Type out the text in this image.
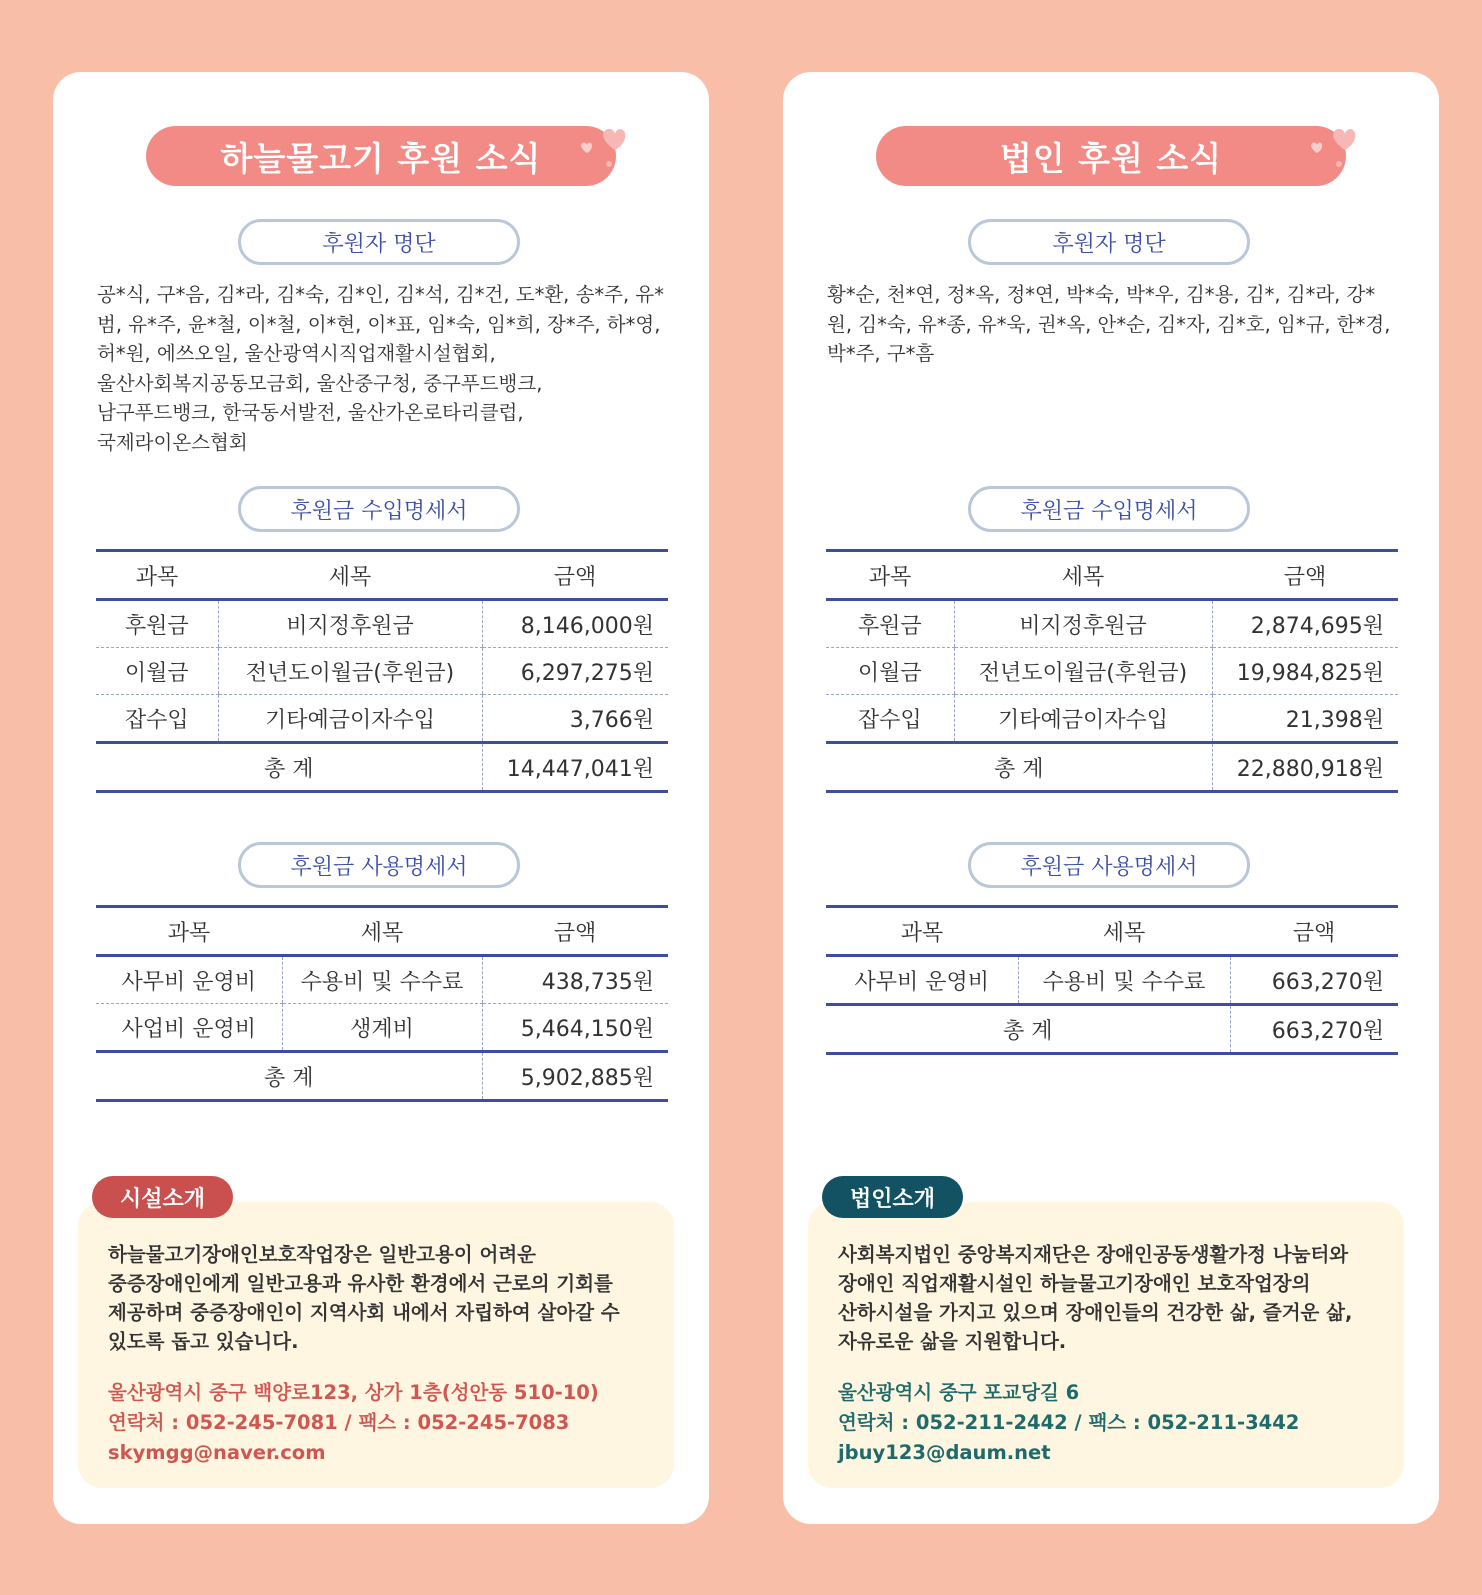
하늘물고기 후원 소식
후원자 명단
공*식, 구*음, 김*라, 김*숙, 김*인, 김*석, 김*건, 도*환, 송*주, 유*범, 유*주, 윤*철, 이*철, 이*현, 이*표, 임*숙, 임*희, 장*주, 하*영, 허*원, 에쓰오일, 울산광역시직업재활시설협회, 울산사회복지공동모금회, 울산중구청, 중구푸드뱅크, 남구푸드뱅크, 한국동서발전, 울산가온로타리클럽, 국제라이온스협회
후원금 수입명세서
과목	세목	금액
후원금	비지정후원금	8,146,000원
이월금	전년도이월금(후원금)	6,297,275원
잡수입	기타예금이자수입	3,766원
총 계		14,447,041원
후원금 사용명세서
과목	세목	금액
사무비 운영비	수용비 및 수수료	438,735원
사업비 운영비	생계비	5,464,150원
총 계		5,902,885원
시설소개
하늘물고기장애인보호작업장은 일반고용이 어려운 중증장애인에게 일반고용과 유사한 환경에서 근로의 기회를 제공하며 중증장애인이 지역사회 내에서 자립하여 살아갈 수 있도록 돕고 있습니다.
울산광역시 중구 백양로123, 상가 1층(성안동 510-10)
연락처 : 052-245-7081 / 팩스 : 052-245-7083
skymgg@naver.com
법인 후원 소식
후원자 명단
황*순, 천*연, 정*옥, 정*연, 박*숙, 박*우, 김*용, 김*, 김*라, 강*원, 김*숙, 유*종, 유*욱, 권*옥, 안*순, 김*자, 김*호, 임*규, 한*경, 박*주, 구*흠
후원금 수입명세서
과목	세목	금액
후원금	비지정후원금	2,874,695원
이월금	전년도이월금(후원금)	19,984,825원
잡수입	기타예금이자수입	21,398원
총 계		22,880,918원
후원금 사용명세서
과목	세목	금액
사무비 운영비	수용비 및 수수료	663,270원
총 계		663,270원
법인소개
사회복지법인 중앙복지재단은 장애인공동생활가정 나눔터와 장애인 직업재활시설인 하늘물고기장애인 보호작업장의 산하시설을 가지고 있으며 장애인들의 건강한 삶, 즐거운 삶, 자유로운 삶을 지원합니다.
울산광역시 중구 포교당길 6
연락처 : 052-211-2442 / 팩스 : 052-211-3442
jbuy123@daum.net
